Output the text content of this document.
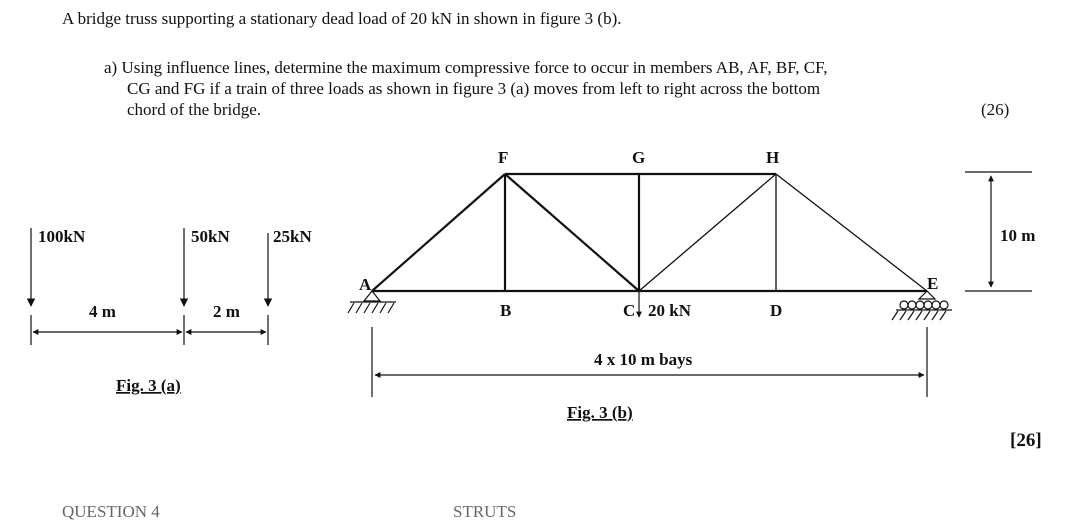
A bridge truss supporting a stationary dead load of 20 kN in shown in figure 3 (b).
a) Using influence lines, determine the maximum compressive force to occur in members AB, AF, BF, CF,
CG and FG if a train of three loads as shown in figure 3 (a) moves from left to right across the bottom
chord of the bridge.	(26)
100kN	50kN	25kN
4 m	2 m
Fig. 3 (a)
F	G	H
A
B	C	D
E
20 kN
10 m
4 x 10 m bays
Fig. 3 (b)
[26]
QUESTION 4	STRUTS
